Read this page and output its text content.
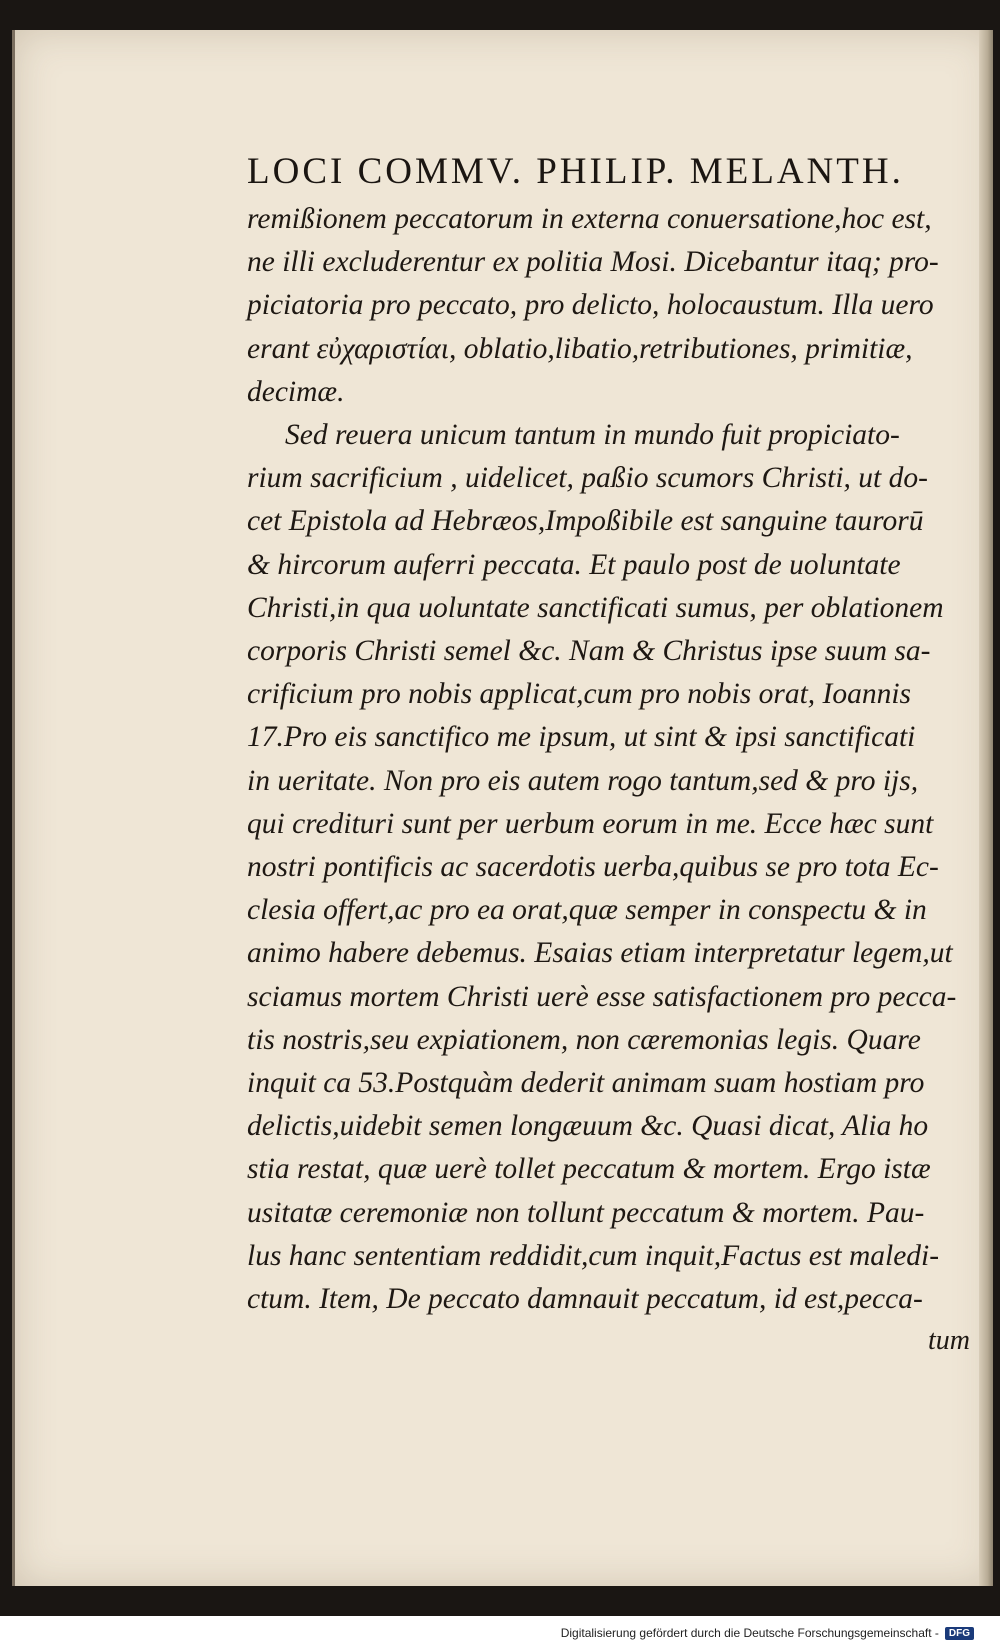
LOCI COMMV. PHILIP. MELANTH.
remißionem peccatorum in externa conuersatione,hoc est,
ne illi excluderentur ex politia Mosi. Dicebantur itaq; pro-
piciatoria pro peccato, pro delicto, holocaustum. Illa uero
erant εὐχαριστίαι, oblatio,libatio,retributiones, primitiæ,
decimæ.
Sed reuera unicum tantum in mundo fuit propiciato-
rium sacrificium , uidelicet, paßio scumors Christi, ut do-
cet Epistola ad Hebræos,Impoßibile est sanguine taurorū
& hircorum auferri peccata. Et paulo post de uoluntate
Christi,in qua uoluntate sanctificati sumus, per oblationem
corporis Christi semel &c. Nam & Christus ipse suum sa-
crificium pro nobis applicat,cum pro nobis orat, Ioannis
17.Pro eis sanctifico me ipsum, ut sint & ipsi sanctificati
in ueritate. Non pro eis autem rogo tantum,sed & pro ijs,
qui credituri sunt per uerbum eorum in me. Ecce hæc sunt
nostri pontificis ac sacerdotis uerba,quibus se pro tota Ec-
clesia offert,ac pro ea orat,quæ semper in conspectu & in
animo habere debemus. Esaias etiam interpretatur legem,ut
sciamus mortem Christi uerè esse satisfactionem pro pecca-
tis nostris,seu expiationem, non cæremonias legis. Quare
inquit ca 53.Postquàm dederit animam suam hostiam pro
delictis,uidebit semen longæuum &c. Quasi dicat, Alia ho
stia restat, quæ uerè tollet peccatum & mortem. Ergo istæ
usitatæ ceremoniæ non tollunt peccatum & mortem. Pau-
lus hanc sententiam reddidit,cum inquit,Factus est maledi-
ctum. Item, De peccato damnauit peccatum, id est,pecca-
tum
Digitalisierung gefördert durch die Deutsche Forschungsgemeinschaft -	DFG
